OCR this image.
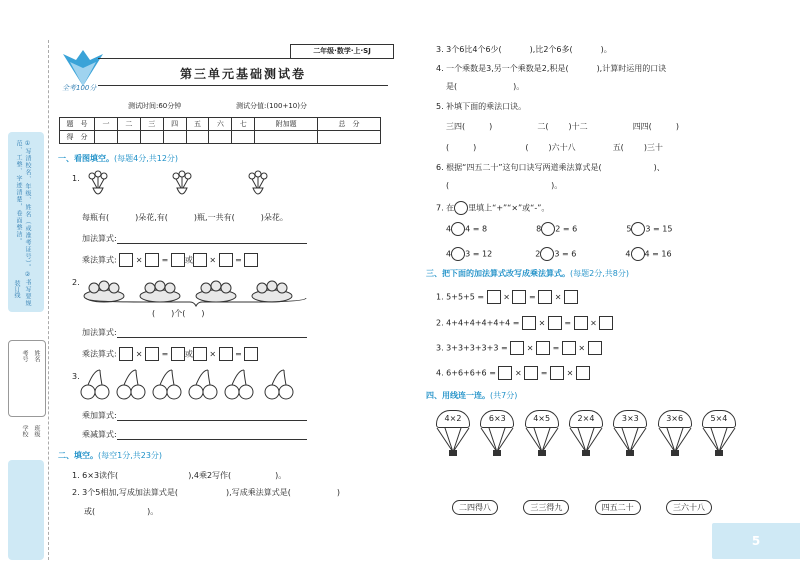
①写清校名、年级、姓名（或准考证号）。②书写要规范、工整、字迹清楚，卷面整洁。
装订线
考号 姓名
学校 班级
全考100分
二年级·数学·上·SJ
第三单元基础测试卷
测试时间:60分钟	测试分值:(100+10)分
题　号	一	二	三	四	五	六	七	附加题	总　分
得　分									
一、看图填空。(每题4分,共12分)
1.
每瓶有(	)朵花,有(	)瓶,一共有(	)朵花。
加法算式:
乘法算式:  ×  = 或 ×  =
2.
(　　)个(　　)
加法算式:
乘法算式:  ×  = 或 ×  =
3.
乘加算式:
乘减算式:
二、填空。(每空1分,共23分)
1. 6×3读作(	),4乘2写作(	)。
2. 3个5相加,写成加法算式是(	),写成乘法算式是(	)
或(	)。
3. 3个6比4个6少(	),比2个6多(	)。
4. 一个乘数是3,另一个乘数是2,积是(	),计算时运用的口诀
是(	)。
5. 补填下面的乘法口诀。
三四(	)	二(	)十二	四四(	)
(	)	(	)六十八	五(	)三十
6. 根据“四五二十”这句口诀写两道乘法算式是(	)、
(	)。
7. 在 里填上“+”“×”或“-”。
4 4 = 8	8 2 = 6	5 3 = 15
4 3 = 12	2 3 = 6	4 4 = 16
三、把下面的加法算式改写成乘法算式。(每题2分,共8分)
1. 5+5+5 = × = ×
2. 4+4+4+4+4+4 = × = ×
3. 3+3+3+3+3 = × = ×
4. 6+6+6+6 = × = ×
四、用线连一连。(共7分)
4×2	6×3	4×5	2×4	3×3	3×6	5×4
二四得八	三三得九	四五二十	三六十八
5
